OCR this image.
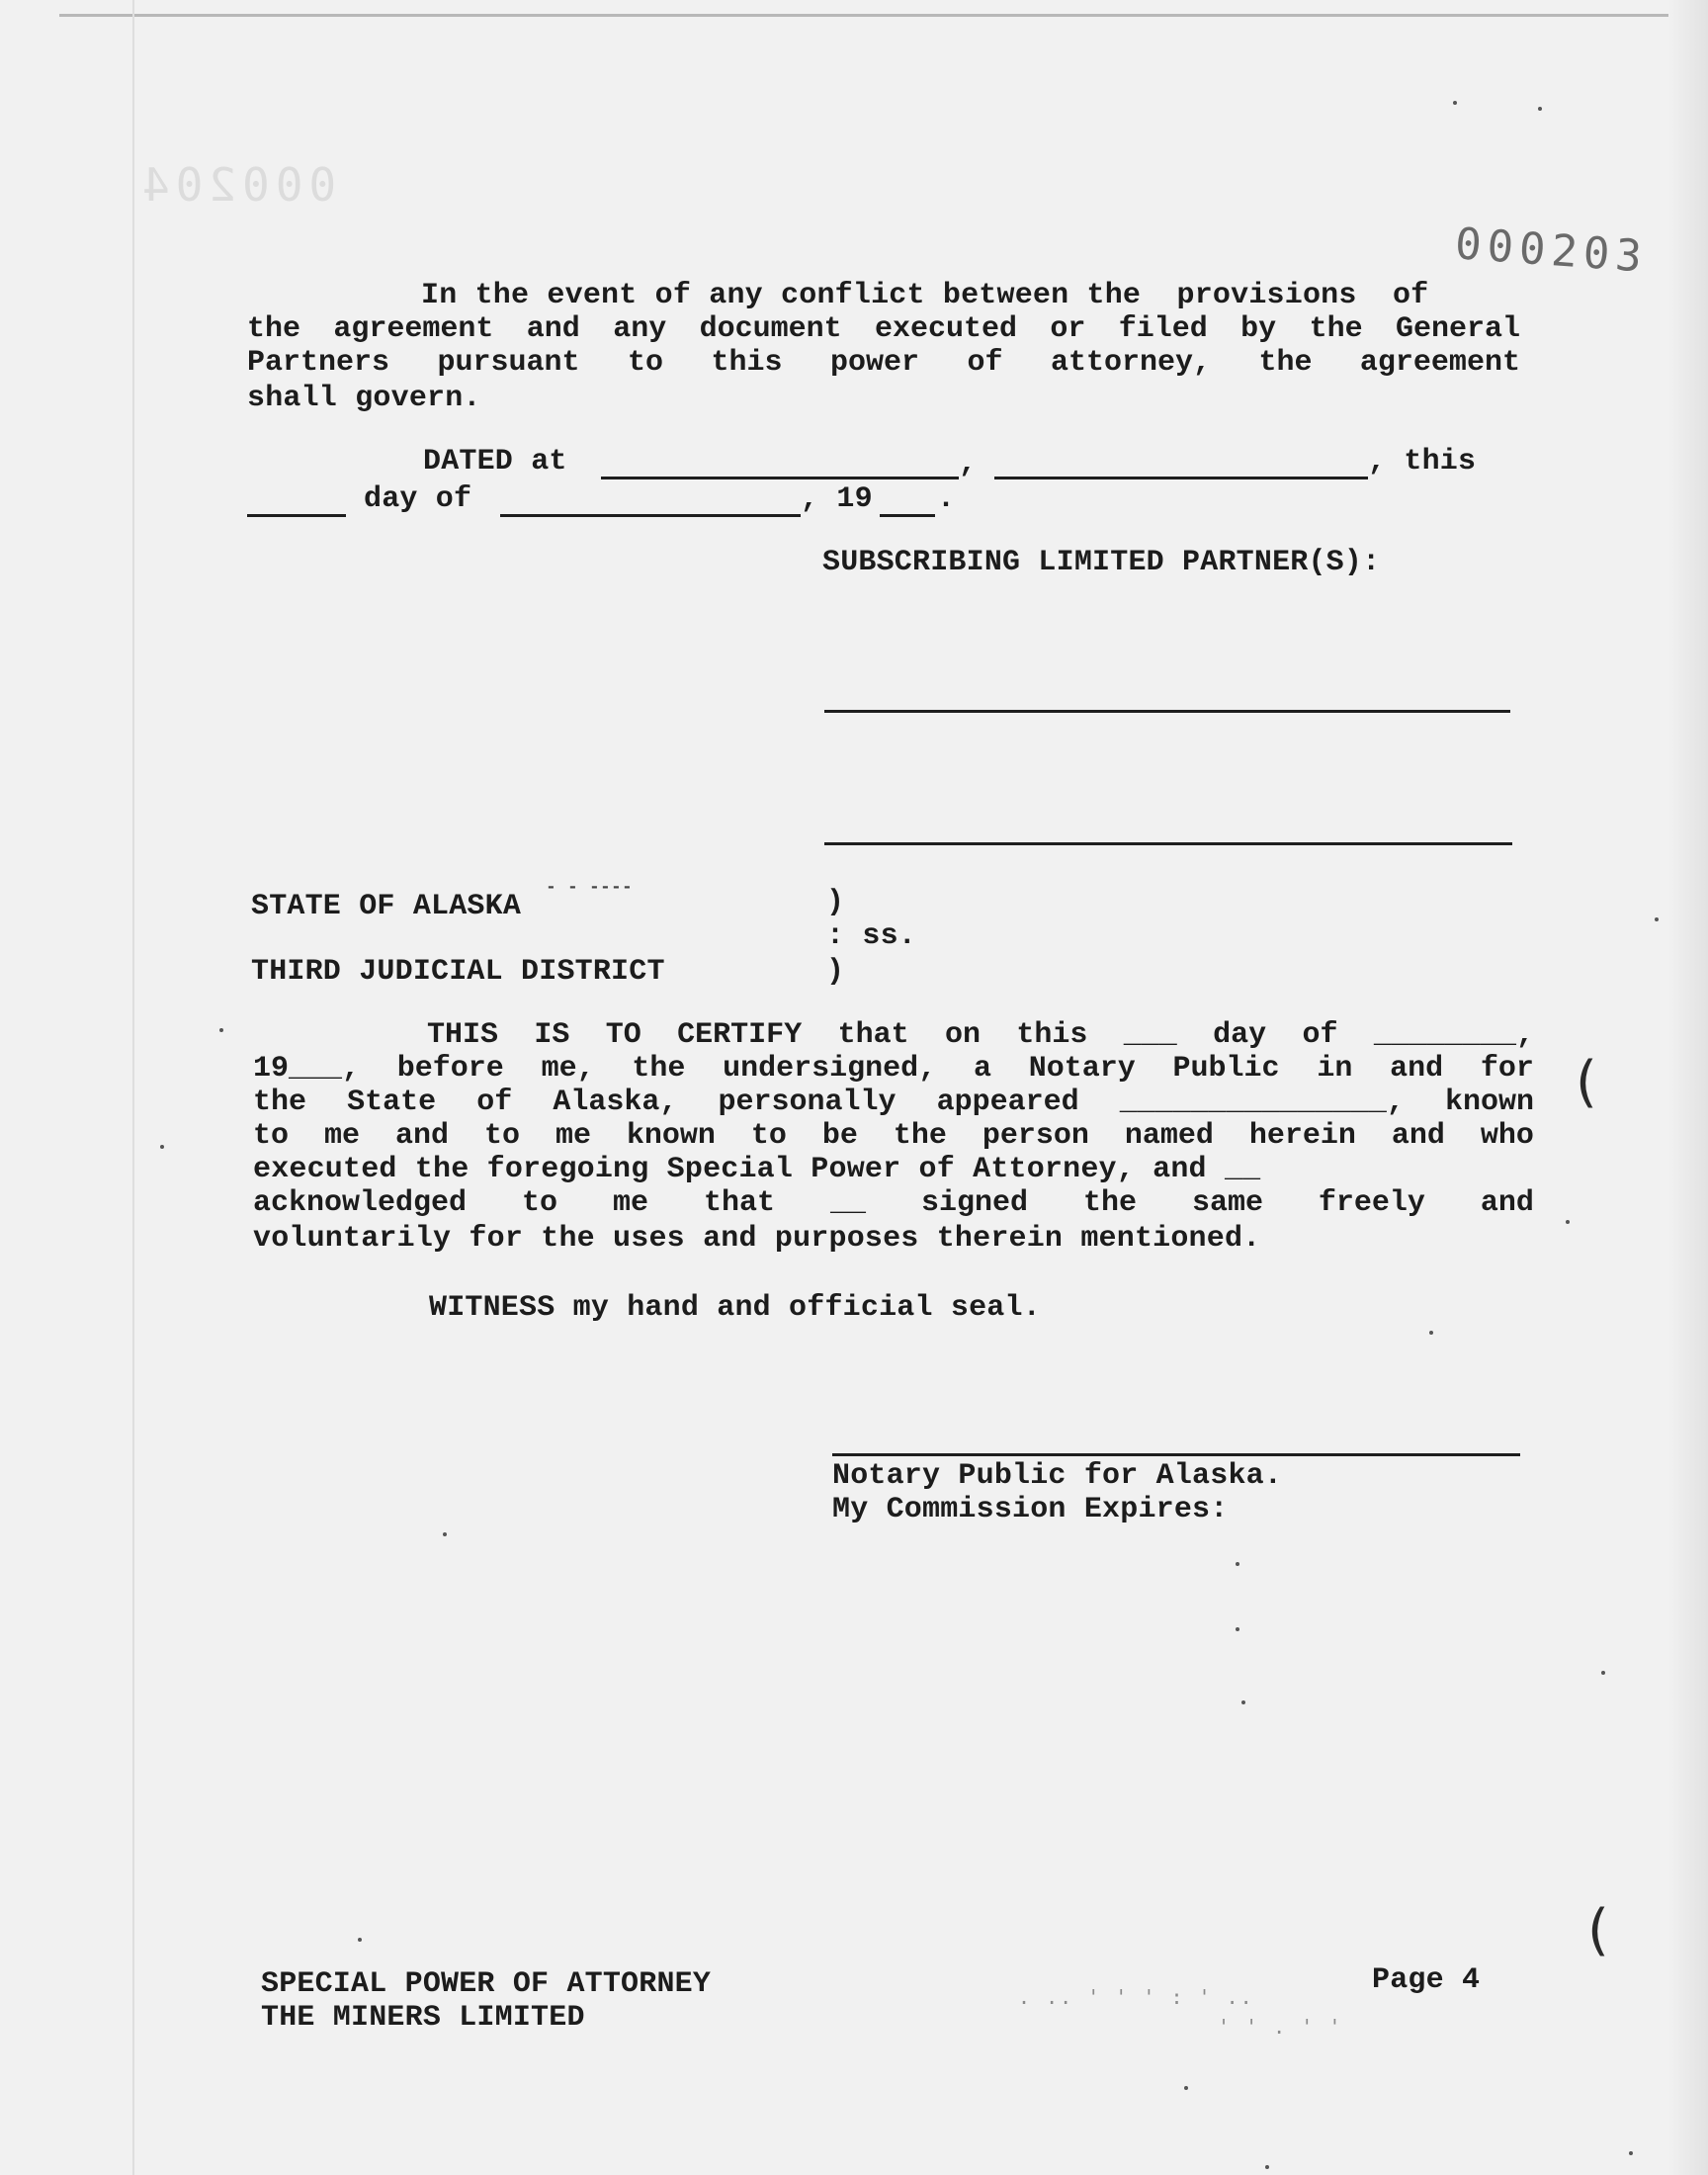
000204
000203
In the event of any conflict between the  provisions  of
the agreement and any document executed or filed by the General
Partners pursuant to this power of attorney, the agreement
shall govern.
DATED at	,	, this
day of	, 19 .
SUBSCRIBING LIMITED PARTNER(S):
STATE OF ALASKA
- - ----	)
: ss.
THIRD JUDICIAL DISTRICT	)
THIS IS TO CERTIFY that on this ___ day of ________,
19___, before me, the undersigned, a Notary Public in and for
the State of Alaska, personally appeared _______________, known
to me and to me known to be the person named herein and who
executed the foregoing Special Power of Attorney, and __
acknowledged to me that __ signed the same freely and
voluntarily for the uses and purposes therein mentioned.
WITNESS my hand and official seal.
Notary Public for Alaska.
My Commission Expires:
SPECIAL POWER OF ATTORNEY
THE MINERS LIMITED
Page 4
(
(
. .. ' ' ' : ' ..
' ' . ' '
